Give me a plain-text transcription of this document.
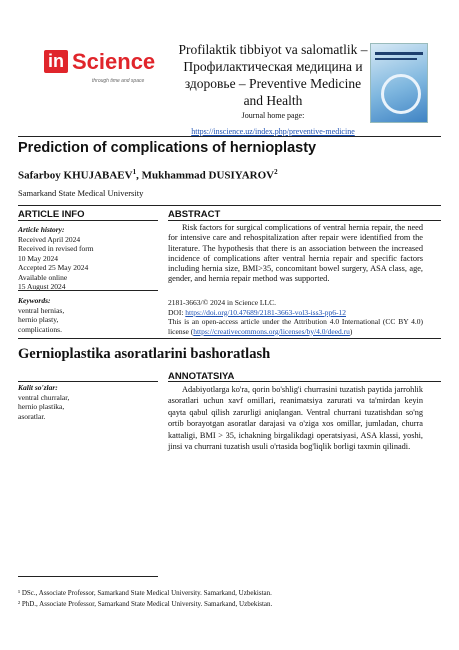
in Science
through time and space
Profilaktik tibbiyot va salomatlik –
Профилактическая медицина и
здоровье – Preventive Medicine
and Health
Journal home page:
https://inscience.uz/index.php/preventive-medicine
Prediction of complications of hernioplasty
Safarboy KHUJABAEV$^1$, Mukhammad DUSIYAROV$^2$
Samarkand State Medical University
ARTICLE INFO	ABSTRACT
Article history:
Received April 2024
Received in revised form
10 May 2024
Accepted 25 May 2024
Available online
15 August 2024
Keywords:
ventral hernias,
hernio plasty,
complications.
Risk factors for surgical complications of ventral hernia repair, the need for intensive care and rehospitalization after repair were identified from the literature. The hypothesis that there is an association between the increased incidence of complications after ventral hernia repair and specific factors including hernia size, BMI>35, concomitant bowel surgery, ASA class, age, gender, and hernia repair method was supported.
2181-3663/© 2024 in Science LLC.
DOI: https://doi.org/10.47689/2181-3663-vol3-iss3-pp6-12
This is an open-access article under the Attribution 4.0 International (CC BY 4.0) license (https://creativecommons.org/licenses/by/4.0/deed.ru)
Gernioplastika asoratlarini bashoratlash
ANNOTATSIYA
Kalit so'zlar:
ventral churralar,
hernio plastika,
asoratlar.
Adabiyotlarga ko'ra, qorin bo'shlig'i churrasini tuzatish paytida jarrohlik asoratlari uchun xavf omillari, reanimatsiya zarurati va ta'mirdan keyin qayta qabul qilish zarurligi aniqlangan. Ventral churrani tuzatishdan so'ng ortib borayotgan asoratlar darajasi va o'ziga xos omillar, jumladan, churra kattaligi, BMI > 35, ichakning birgalikdagi operatsiyasi, ASA klassi, yoshi, jinsi va churrani tuzatish usuli o'rtasida bog'liqlik borligi taxmin qilinadi.
¹ DSc., Associate Professor, Samarkand State Medical University. Samarkand, Uzbekistan.
² PhD., Associate Professor, Samarkand State Medical University. Samarkand, Uzbekistan.
